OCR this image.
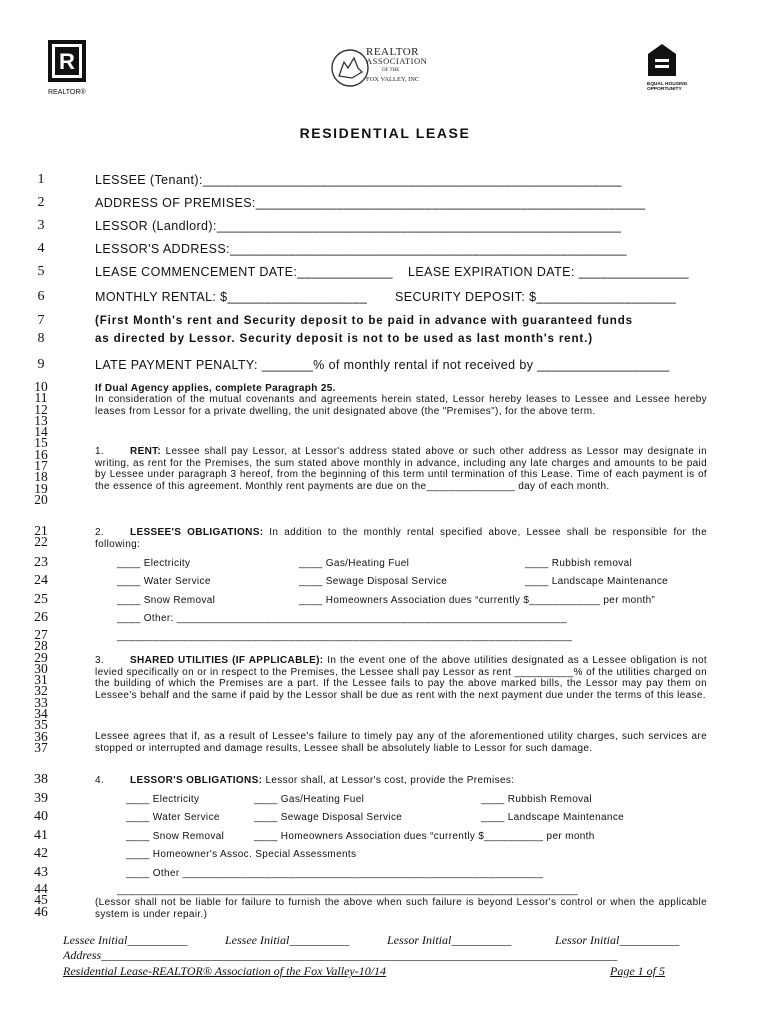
R
REALTOR®
REALTOR
ASSOCIATION
OF THE
FOX VALLEY, INC
EQUAL HOUSING
OPPORTUNITY
RESIDENTIAL LEASE
1	LESSEE (Tenant):_________________________________________________________
2	ADDRESS OF PREMISES:_____________________________________________________
3	LESSOR (Landlord):_______________________________________________________
4	LESSOR'S ADDRESS:______________________________________________________
5	LEASE COMMENCEMENT DATE:_____________ LEASE EXPIRATION DATE: _______________
6	MONTHLY RENTAL: $___________________ SECURITY DEPOSIT: $___________________
7
8
(First Month's rent and Security deposit to be paid in advance with guaranteed funds
as directed by Lessor. Security deposit is not to be used as last month's rent.)
9	LATE PAYMENT PENALTY: _______% of monthly rental if not received by __________________
10
11
12
13
14
15
16
17
18
19
20
If Dual Agency applies, complete Paragraph 25.
In consideration of the mutual covenants and agreements herein stated, Lessor hereby leases to Lessee and Lessee hereby leases from Lessor for a private dwelling, the unit designated above (the "Premises"), for the above term.
1.	RENT: Lessee shall pay Lessor, at Lessor's address stated above or such other address as Lessor may designate in writing, as rent for the Premises, the sum stated above monthly in advance, including any late charges and amounts to be paid by Lessee under paragraph 3 hereof, from the beginning of this term until termination of this Lease. Time of each payment is of the essence of this agreement. Monthly rent payments are due on the_______________ day of each month.
21
22
2.	LESSEE'S OBLIGATIONS: In addition to the monthly rental specified above, Lessee shall be responsible for the following:
23	____ Electricity	____ Gas/Heating Fuel	____ Rubbish removal
24	____ Water Service	____ Sewage Disposal Service	____ Landscape Maintenance
25	____ Snow Removal	____ Homeowners Association dues “currently $____________ per month”
26	____ Other: __________________________________________________________________
27
28
29
30
31
32
33
34
35
36
37
_____________________________________________________________________________
3.	SHARED UTILITIES (IF APPLICABLE): In the event one of the above utilities designated as a Lessee obligation is not levied specifically on or in respect to the Premises, the Lessee shall pay Lessor as rent __________% of the utilities charged on the building of which the Premises are a part. If the Lessee fails to pay the above marked bills, the Lessor may pay them on Lessee's behalf and the same if paid by the Lessor shall be due as rent with the next payment due under the terms of this lease.
Lessee agrees that if, as a result of Lessee's failure to timely pay any of the aforementioned utility charges, such services are stopped or interrupted and damage results, Lessee shall be absolutely liable to Lessor for such damage.
38	4.	LESSOR'S OBLIGATIONS: Lessor shall, at Lessor's cost, provide the Premises:
39	____ Electricity	____ Gas/Heating Fuel	____ Rubbish Removal
40	____ Water Service	____ Sewage Disposal Service	____ Landscape Maintenance
41	____ Snow Removal	____ Homeowners Association dues “currently $__________ per month
42	____ Homeowner's Assoc. Special Assessments
43	____ Other _____________________________________________________________
44
45
46
______________________________________________________________________________
(Lessor shall not be liable for failure to furnish the above when such failure is beyond Lessor's control or when the applicable system is under repair.)
Lessee Initial__________	Lessee Initial__________	Lessor Initial__________	Lessor Initial__________
Address______________________________________________________________________________________
Residential Lease-REALTOR® Association of the Fox Valley-10/14	Page 1 of 5
